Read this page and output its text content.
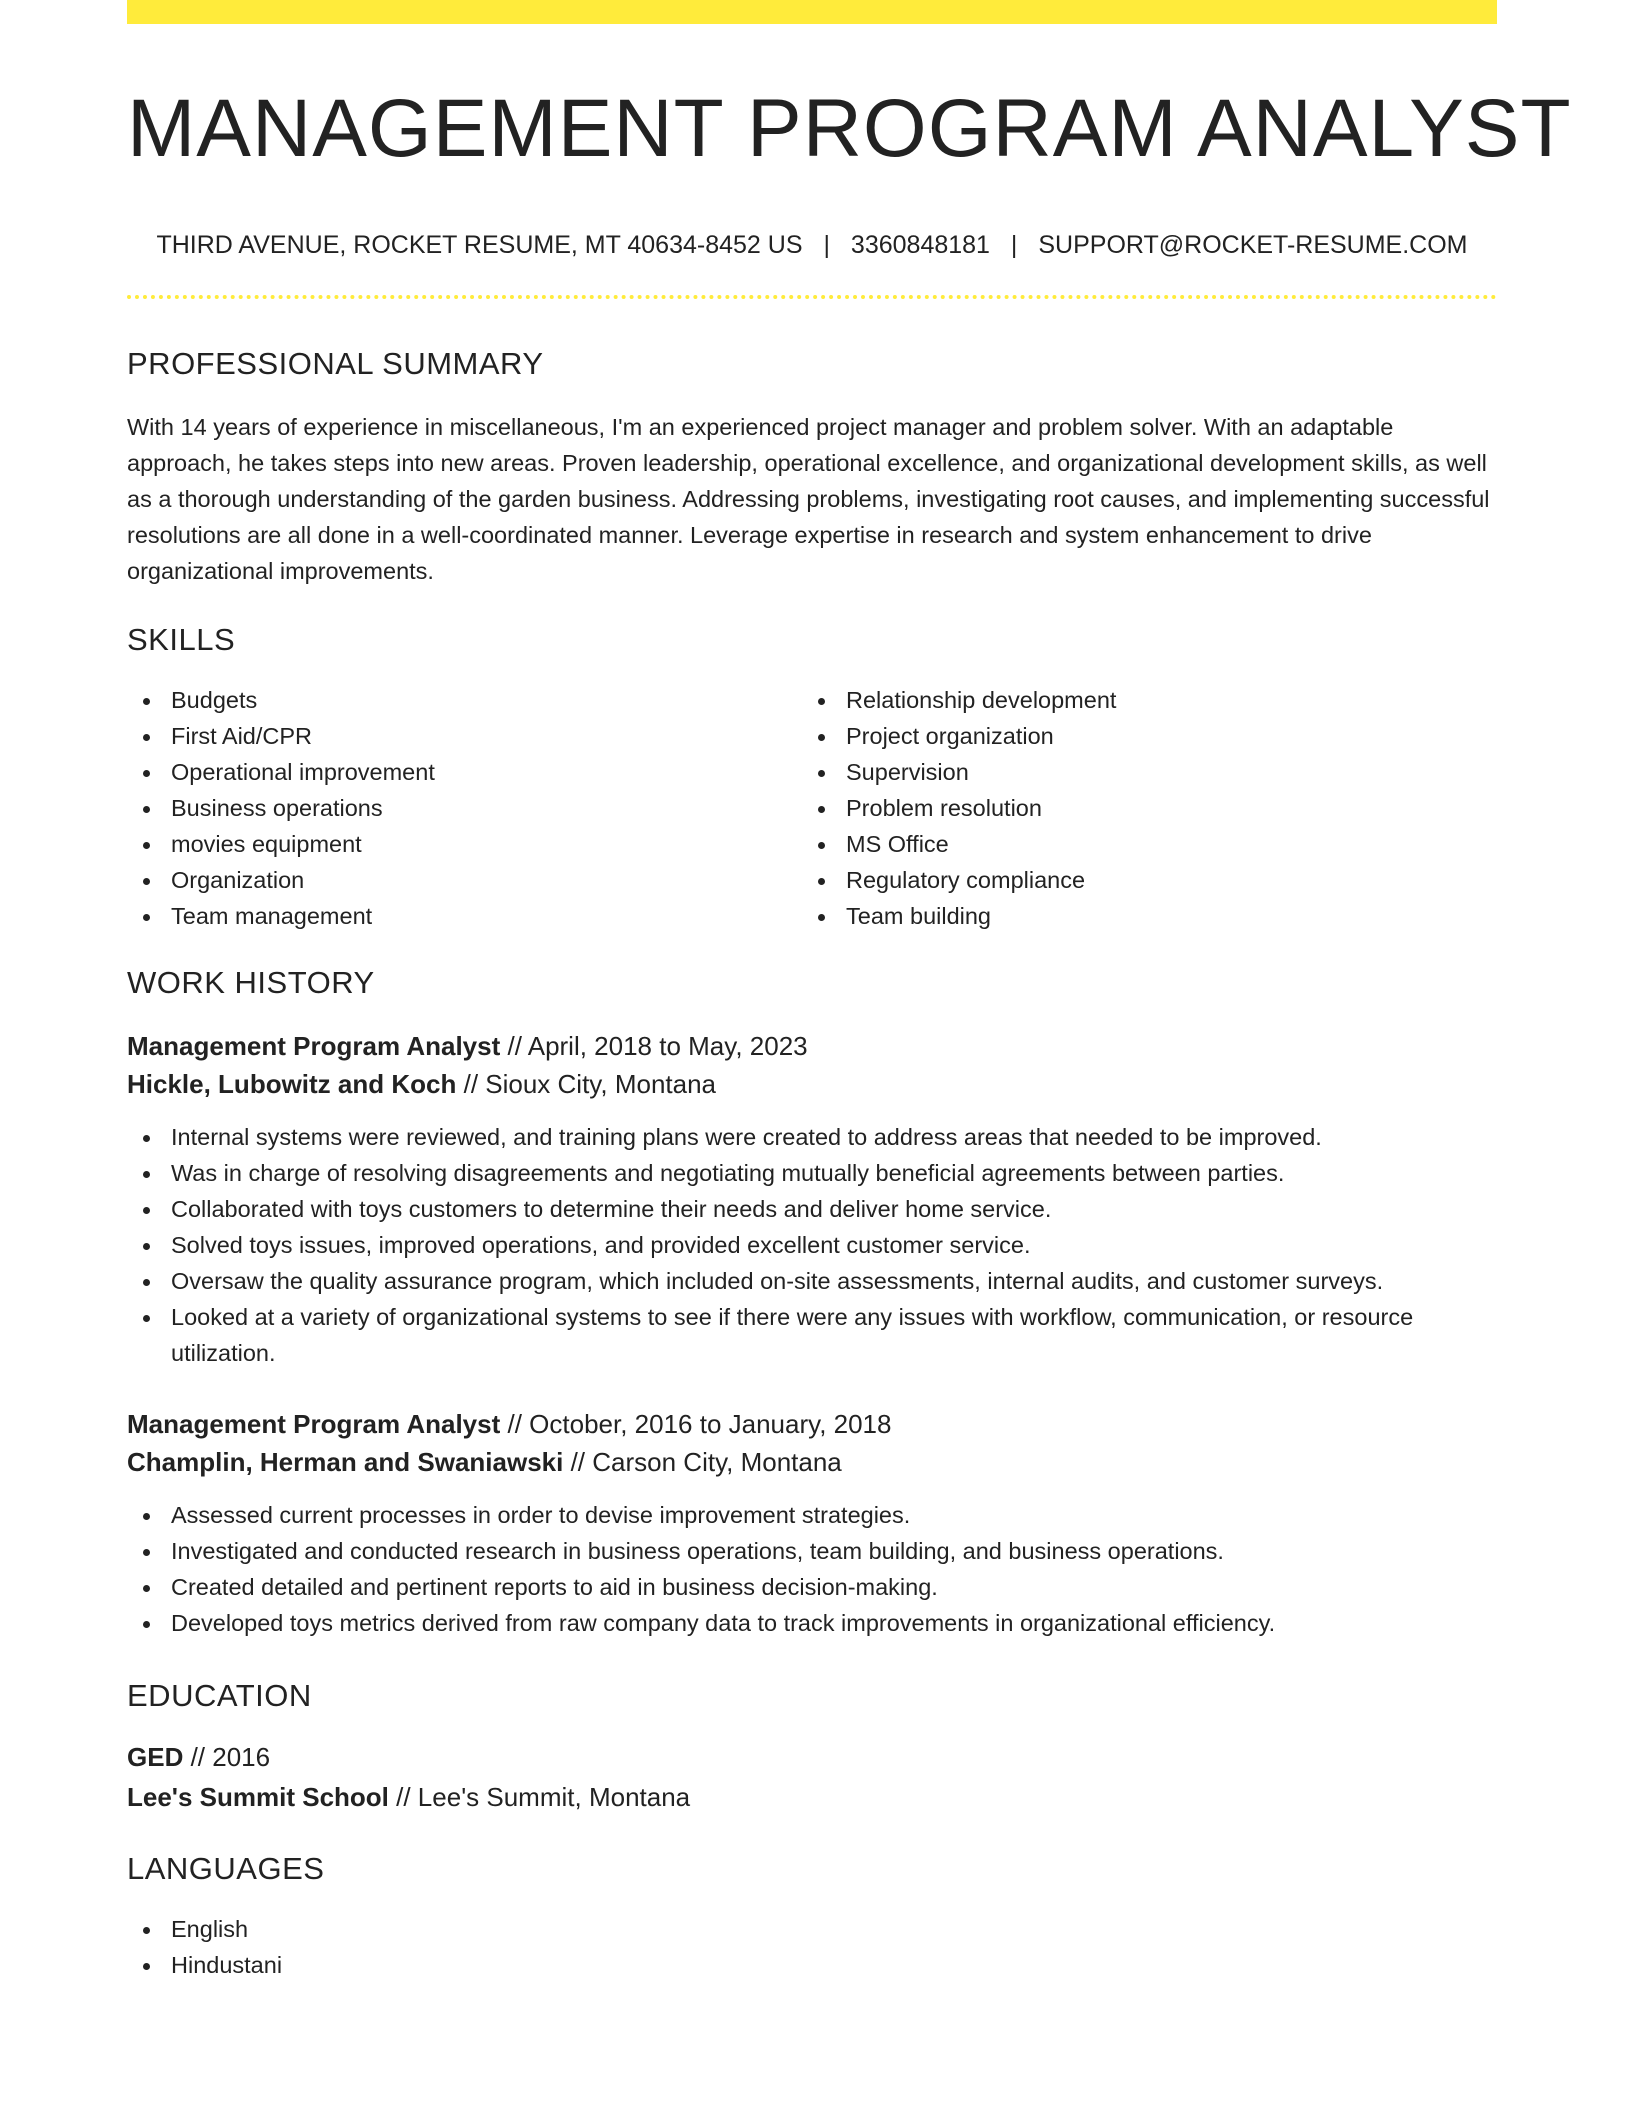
MANAGEMENT PROGRAM ANALYST
THIRD AVENUE, ROCKET RESUME, MT 40634-8452 US | 3360848181 | SUPPORT@ROCKET-RESUME.COM
PROFESSIONAL SUMMARY

With 14 years of experience in miscellaneous, I'm an experienced project manager and problem solver. With an adaptable approach, he takes steps into new areas. Proven leadership, operational excellence, and organizational development skills, as well as a thorough understanding of the garden business. Addressing problems, investigating root causes, and implementing successful resolutions are all done in a well-coordinated manner. Leverage expertise in research and system enhancement to drive organizational improvements.

SKILLS
Budgets
First Aid/CPR
Operational improvement
Business operations
movies equipment
Organization
Team management
Relationship development
Project organization
Supervision
Problem resolution
MS Office
Regulatory compliance
Team building
WORK HISTORY
Management Program Analyst // April, 2018 to May, 2023
Hickle, Lubowitz and Koch // Sioux City, Montana
Internal systems were reviewed, and training plans were created to address areas that needed to be improved.
Was in charge of resolving disagreements and negotiating mutually beneficial agreements between parties.
Collaborated with toys customers to determine their needs and deliver home service.
Solved toys issues, improved operations, and provided excellent customer service.
Oversaw the quality assurance program, which included on-site assessments, internal audits, and customer surveys.
Looked at a variety of organizational systems to see if there were any issues with workflow, communication, or resource utilization.
Management Program Analyst // October, 2016 to January, 2018
Champlin, Herman and Swaniawski // Carson City, Montana
Assessed current processes in order to devise improvement strategies.
Investigated and conducted research in business operations, team building, and business operations.
Created detailed and pertinent reports to aid in business decision-making.
Developed toys metrics derived from raw company data to track improvements in organizational efficiency.
EDUCATION
GED // 2016
Lee's Summit School // Lee's Summit, Montana
LANGUAGES
English
Hindustani
